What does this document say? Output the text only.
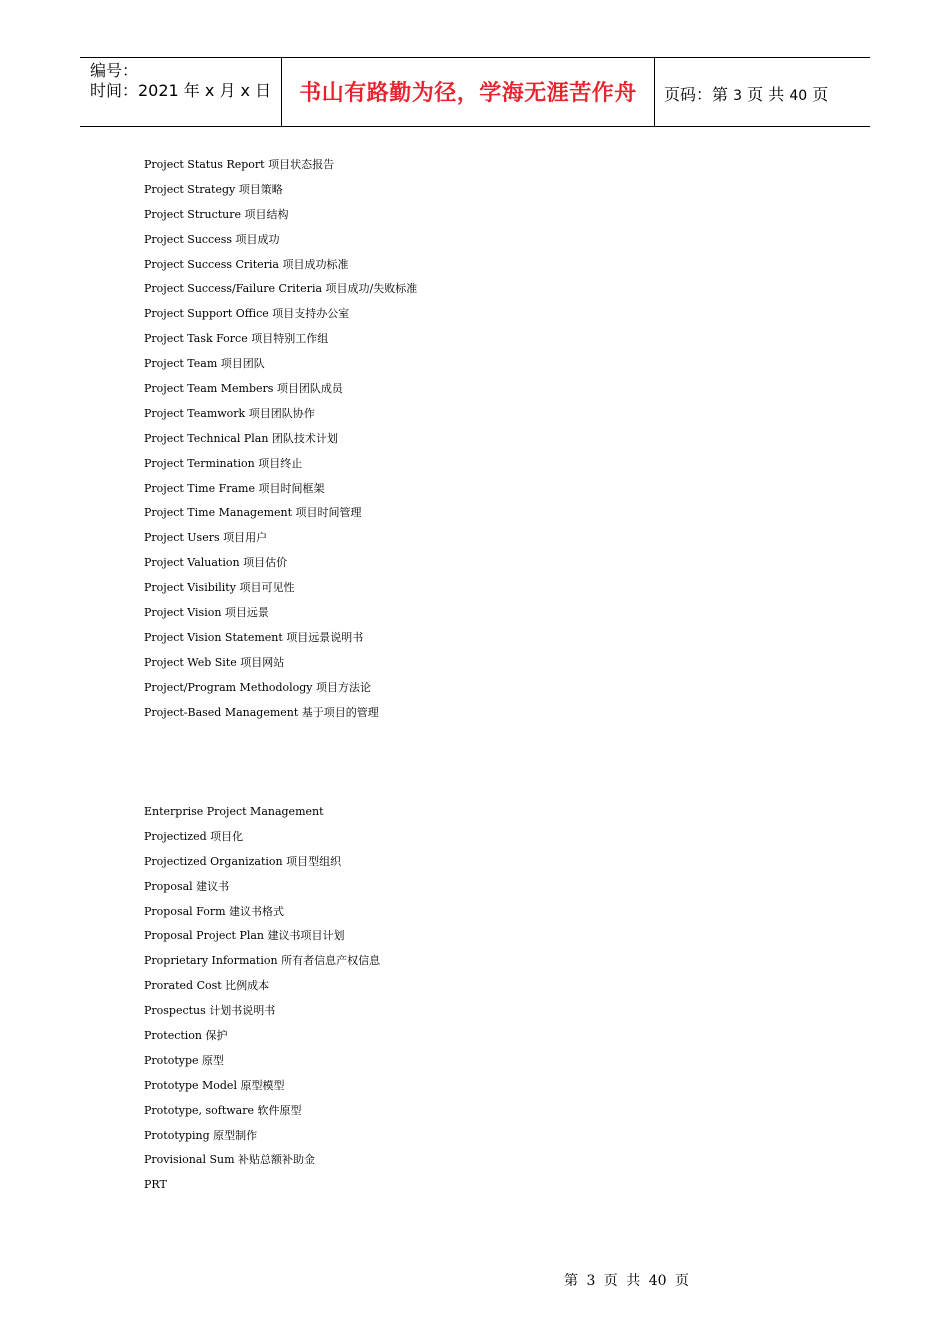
编号：
时间：2021 年 x 月 x 日	书山有路勤为径，学海无涯苦作舟	页码：第 3 页 共 40 页
Project Status Report 项目状态报告
Project Strategy 项目策略
Project Structure 项目结构
Project Success 项目成功
Project Success Criteria 项目成功标准
Project Success/Failure Criteria 项目成功/失败标准
Project Support Office 项目支持办公室
Project Task Force 项目特别工作组
Project Team 项目团队
Project Team Members 项目团队成员
Project Teamwork 项目团队协作
Project Technical Plan 团队技术计划
Project Termination 项目终止
Project Time Frame 项目时间框架
Project Time Management 项目时间管理
Project Users 项目用户
Project Valuation 项目估价
Project Visibility 项目可见性
Project Vision 项目远景
Project Vision Statement 项目远景说明书
Project Web Site 项目网站
Project/Program Methodology 项目方法论
Project-Based Management 基于项目的管理
Enterprise Project Management
Projectized 项目化
Projectized Organization 项目型组织
Proposal 建议书
Proposal Form 建议书格式
Proposal Project Plan 建议书项目计划
Proprietary Information 所有者信息产权信息
Prorated Cost 比例成本
Prospectus 计划书说明书
Protection 保护
Prototype 原型
Prototype Model 原型模型
Prototype, software 软件原型
Prototyping 原型制作
Provisional Sum 补贴总额补助金
PRT
第 3 页 共 40 页
